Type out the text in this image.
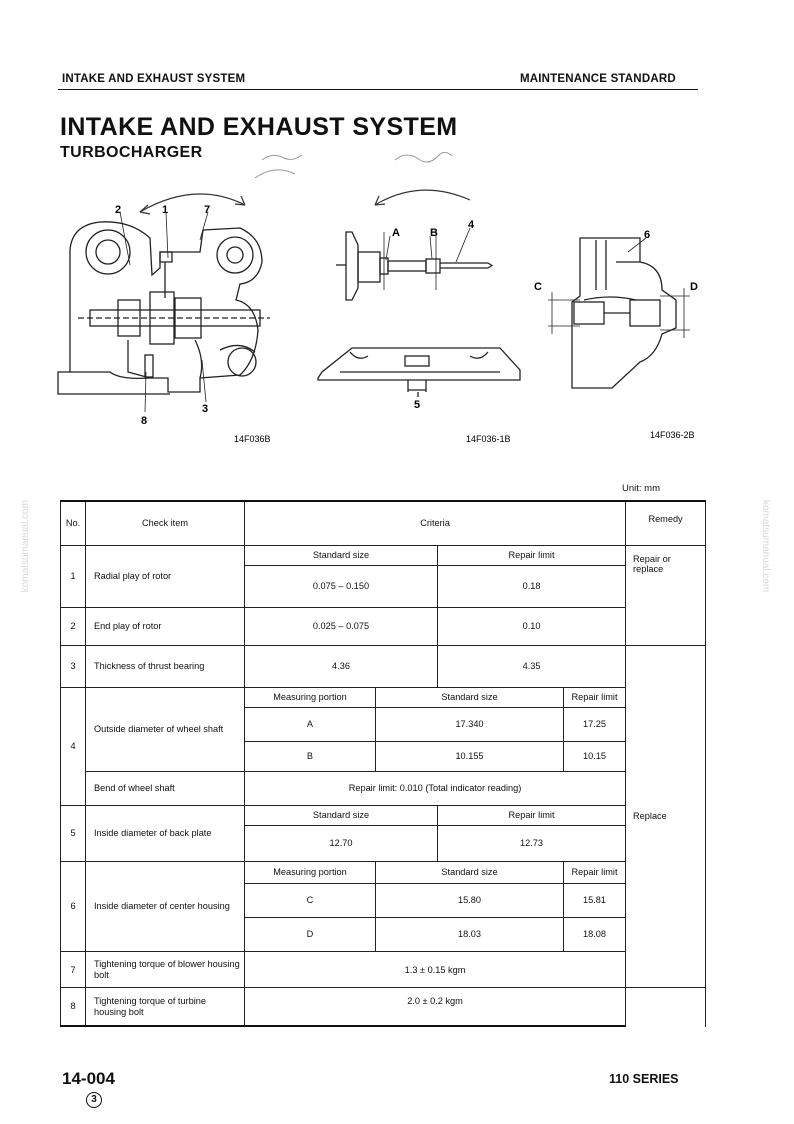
INTAKE AND EXHAUST SYSTEM	MAINTENANCE STANDARD
INTAKE AND EXHAUST SYSTEM
TURBOCHARGER
komatsumanual.com	komatsumanual.com
2	1	7
8
3
14F036B
A	B
4
5
14F036-1B
C	D
6
14F036-2B
Unit: mm
No.	Check item	Criteria				Remedy	
1	Radial play of rotor	Standard size		Repair limit		Repair or replace	
		0.075 – 0.150		0.18			
2	End play of rotor	0.025 – 0.075		0.10			
3	Thickness of thrust bearing	4.36		4.35		Replace	
4	Outside diameter of wheel shaft	Measuring portion	Standard size		Repair limit		
		A	17.340		17.25		
		B	10.155		10.15		
	Bend of wheel shaft	Repair limit: 0.010 (Total indicator reading)					
5	Inside diameter of back plate	Standard size		Repair limit			
		12.70		12.73			
6	Inside diameter of center housing	Measuring portion	Standard size		Repair limit		
		C	15.80		15.81		
		D	18.03		18.08		
7	Tightening torque of blower housing bolt	1.3 ± 0.15 kgm					
8	Tightening torque of turbine housing bolt	2.0 ± 0.2 kgm					
14-004
3
110 SERIES
